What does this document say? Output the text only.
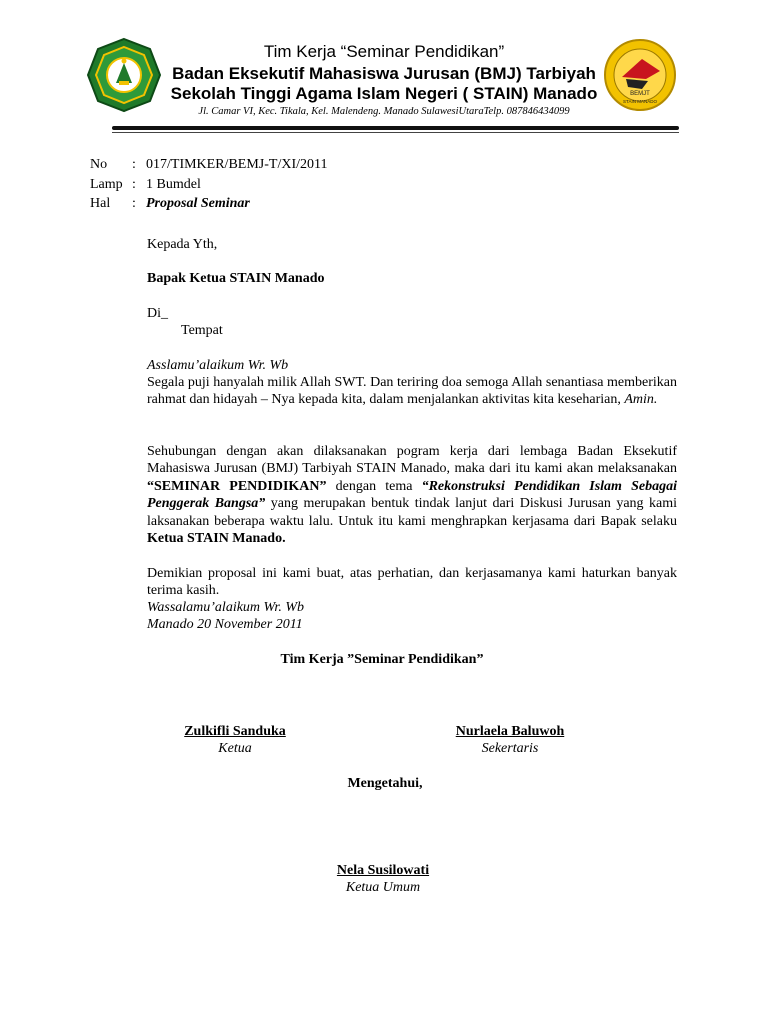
BEMJT
STAIN MANADO
Tim Kerja “Seminar Pendidikan”
Badan Eksekutif Mahasiswa Jurusan (BMJ) Tarbiyah
Sekolah Tinggi Agama Islam Negeri ( STAIN) Manado
Jl. Camar VI, Kec. Tikala, Kel. Malendeng. Manado SulawesiUtaraTelp. 087846434099
No : 017/TIMKER/BEMJ-T/XI/2011
Lamp : 1 Bumdel
Hal : Proposal Seminar
Kepada Yth,
Bapak Ketua STAIN Manado
Di_
Tempat
Asslamu’alaikum Wr. Wb
Segala puji hanyalah milik Allah SWT. Dan teriring doa semoga Allah senantiasa memberikan rahmat dan hidayah – Nya kepada kita, dalam menjalankan aktivitas kita keseharian, Amin.
Sehubungan dengan akan dilaksanakan pogram kerja dari lembaga Badan Eksekutif Mahasiswa Jurusan (BMJ) Tarbiyah STAIN Manado, maka dari itu kami akan melaksanakan “SEMINAR PENDIDIKAN” dengan tema “Rekonstruksi Pendidikan Islam Sebagai Penggerak Bangsa” yang merupakan bentuk tindak lanjut dari Diskusi Jurusan yang kami laksanakan beberapa waktu lalu. Untuk itu kami menghrapkan kerjasama dari Bapak selaku Ketua STAIN Manado.
Demikian proposal ini kami buat, atas perhatian, dan kerjasamanya kami haturkan banyak terima kasih.
Wassalamu’alaikum Wr. Wb
Manado 20 November 2011
Tim Kerja ”Seminar Pendidikan”
Zulkifli Sanduka
Ketua
Nurlaela Baluwoh
Sekertaris
Mengetahui,
Nela Susilowati
Ketua Umum
